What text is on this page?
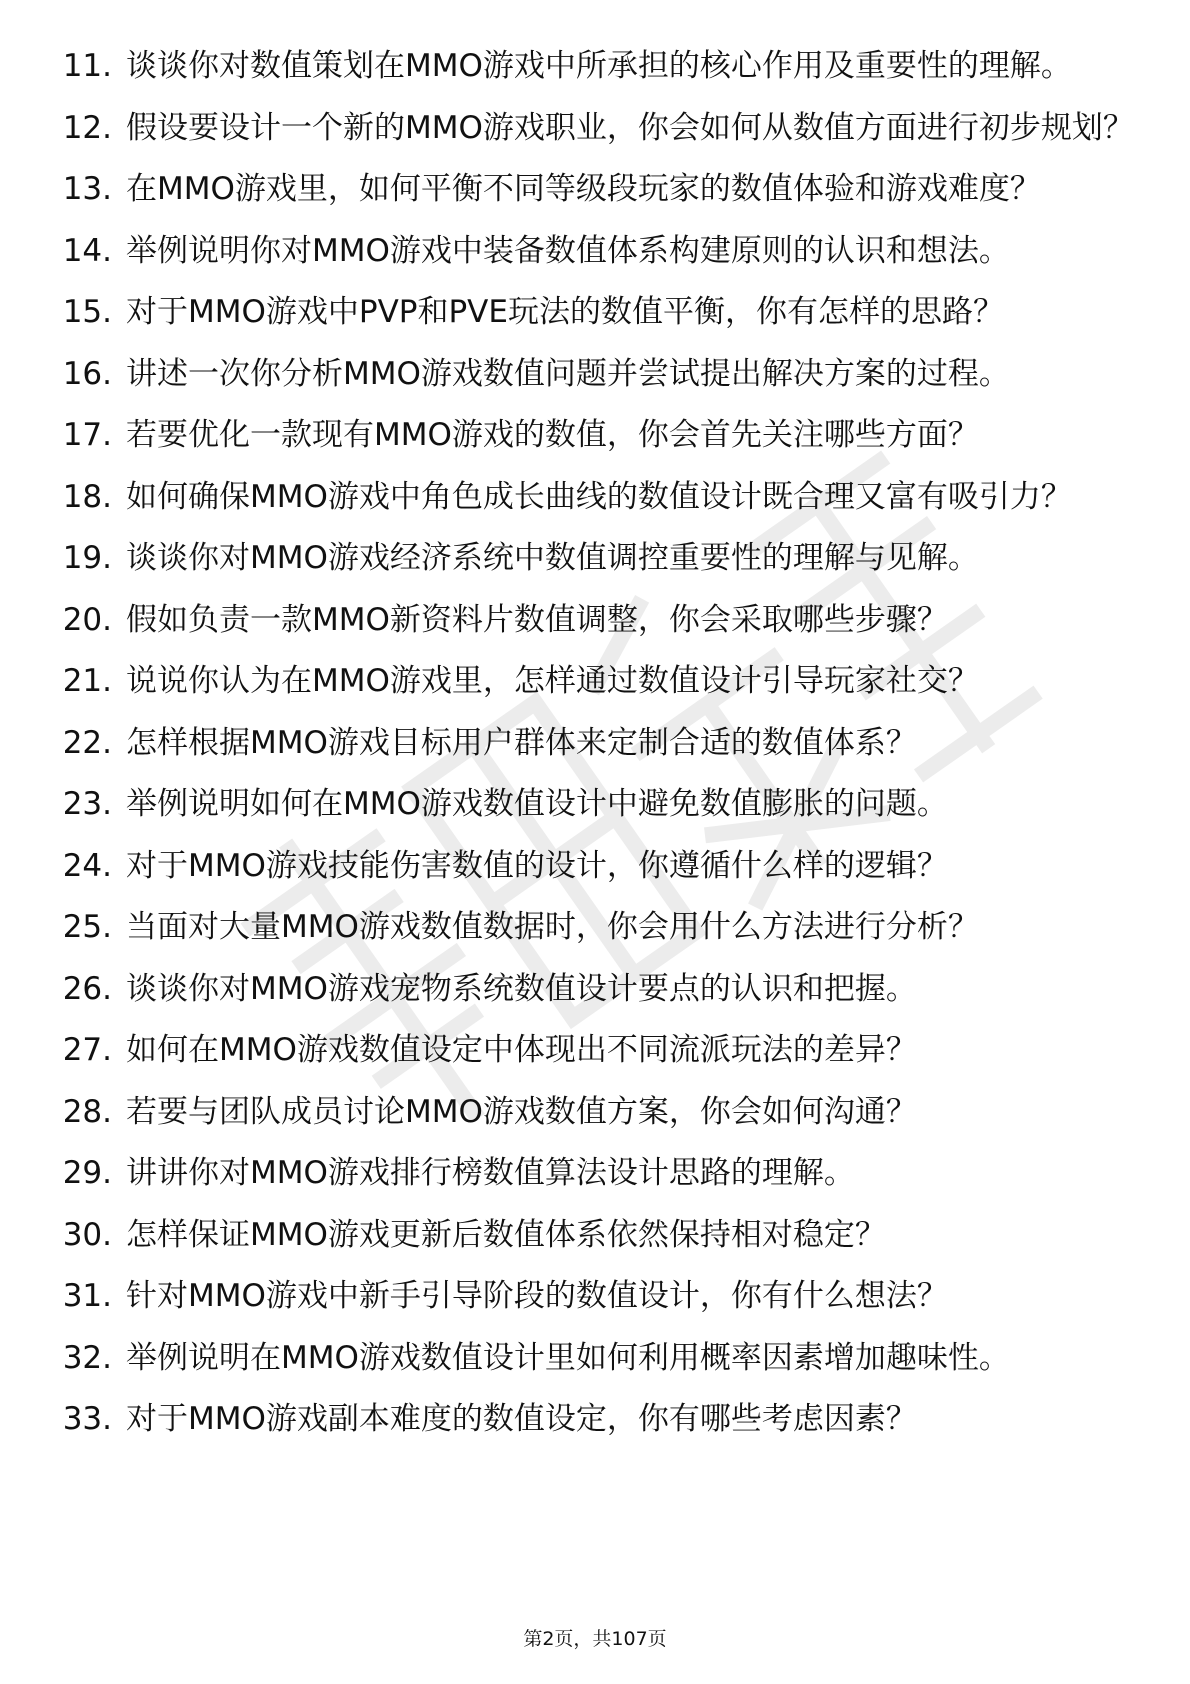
11. 谈谈你对数值策划在MMO游戏中所承担的核心作用及重要性的理解。
12. 假设要设计一个新的MMO游戏职业，你会如何从数值方面进行初步规划？
13. 在MMO游戏里，如何平衡不同等级段玩家的数值体验和游戏难度？
14. 举例说明你对MMO游戏中装备数值体系构建原则的认识和想法。
15. 对于MMO游戏中PVP和PVE玩法的数值平衡，你有怎样的思路？
16. 讲述一次你分析MMO游戏数值问题并尝试提出解决方案的过程。
17. 若要优化一款现有MMO游戏的数值，你会首先关注哪些方面？
18. 如何确保MMO游戏中角色成长曲线的数值设计既合理又富有吸引力？
19. 谈谈你对MMO游戏经济系统中数值调控重要性的理解与见解。
20. 假如负责一款MMO新资料片数值调整，你会采取哪些步骤？
21. 说说你认为在MMO游戏里，怎样通过数值设计引导玩家社交？
22. 怎样根据MMO游戏目标用户群体来定制合适的数值体系？
23. 举例说明如何在MMO游戏数值设计中避免数值膨胀的问题。
24. 对于MMO游戏技能伤害数值的设计，你遵循什么样的逻辑？
25. 当面对大量MMO游戏数值数据时，你会用什么方法进行分析？
26. 谈谈你对MMO游戏宠物系统数值设计要点的认识和把握。
27. 如何在MMO游戏数值设定中体现出不同流派玩法的差异？
28. 若要与团队成员讨论MMO游戏数值方案，你会如何沟通？
29. 讲讲你对MMO游戏排行榜数值算法设计思路的理解。
30. 怎样保证MMO游戏更新后数值体系依然保持相对稳定？
31. 针对MMO游戏中新手引导阶段的数值设计，你有什么想法？
32. 举例说明在MMO游戏数值设计里如何利用概率因素增加趣味性。
33. 对于MMO游戏副本难度的数值设定，你有哪些考虑因素？
第2页，共107页
